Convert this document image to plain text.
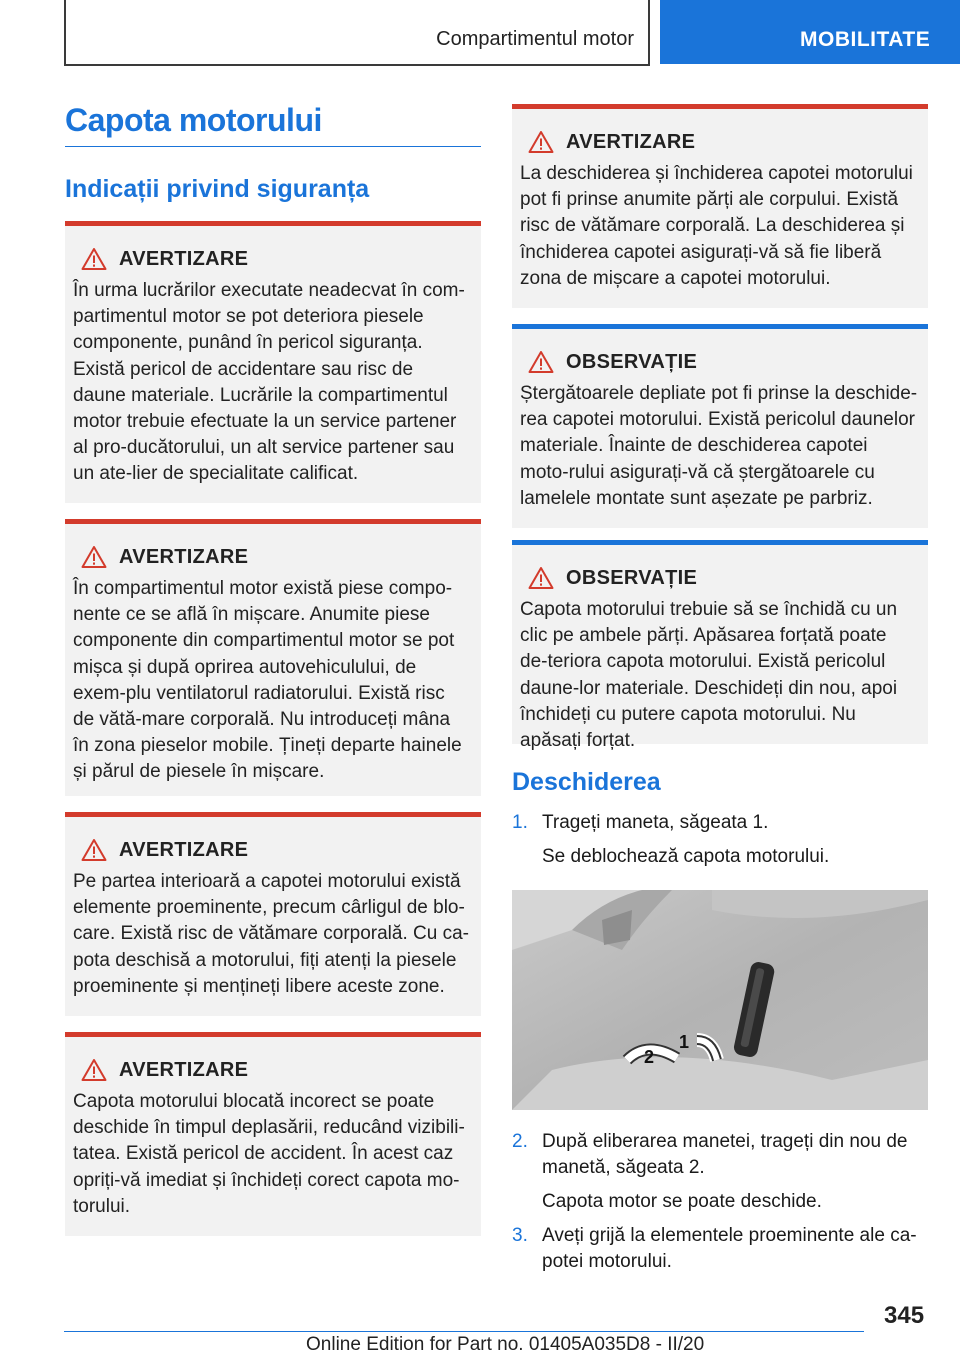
Compartimentul motor	MOBILITATE
Capota motorului
Indicații privind siguranța
AVERTIZARE
În urma lucrărilor executate neadecvat în com-partimentul motor se pot deteriora piesele componente, punând în pericol siguranța. Există pericol de accidentare sau risc de daune materiale. Lucrările la compartimentul motor trebuie efectuate la un service partener al pro-ducătorului, un alt service partener sau un ate-lier de specialitate calificat.
AVERTIZARE
În compartimentul motor există piese compo-nente ce se află în mișcare. Anumite piese componente din compartimentul motor se pot mișca și după oprirea autovehiculului, de exem-plu ventilatorul radiatorului. Există risc de vătă-mare corporală. Nu introduceți mâna în zona pieselor mobile. Țineți departe hainele și părul de piesele în mișcare.
AVERTIZARE
Pe partea interioară a capotei motorului există elemente proeminente, precum cârligul de blo-care. Există risc de vătămare corporală. Cu ca-pota deschisă a motorului, fiți atenți la piesele proeminente și mențineți libere aceste zone.
AVERTIZARE
Capota motorului blocată incorect se poate deschide în timpul deplasării, reducând vizibili-tatea. Există pericol de accident. În acest caz opriți-vă imediat și închideți corect capota mo-torului.
AVERTIZARE
La deschiderea și închiderea capotei motorului pot fi prinse anumite părți ale corpului. Există risc de vătămare corporală. La deschiderea și închiderea capotei asigurați-vă să fie liberă zona de mișcare a capotei motorului.
OBSERVAȚIE
Ștergătoarele depliate pot fi prinse la deschide-rea capotei motorului. Există pericolul daunelor materiale. Înainte de deschiderea capotei moto-rului asigurați-vă că ștergătoarele cu lamelele montate sunt așezate pe parbriz.
OBSERVAȚIE
Capota motorului trebuie să se închidă cu un clic pe ambele părți. Apăsarea forțată poate de-teriora capota motorului. Există pericolul daune-lor materiale. Deschideți din nou, apoi închideți cu putere capota motorului. Nu apăsați forțat.
Deschiderea
1. Trageți maneta, săgeata 1.
Se deblochează capota motorului.
1
2
2. După eliberarea manetei, trageți din nou de manetă, săgeata 2.
Capota motor se poate deschide.
3. Aveți grijă la elementele proeminente ale ca-potei motorului.
345
Online Edition for Part no. 01405A035D8 - II/20
